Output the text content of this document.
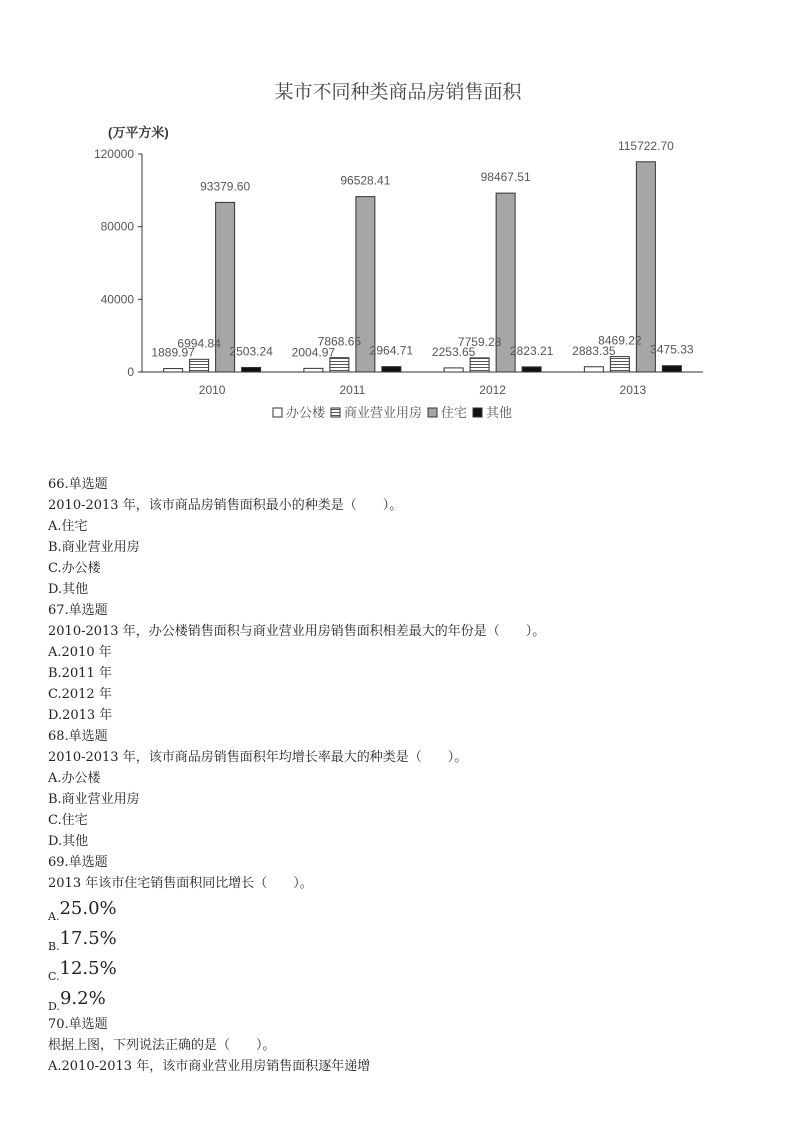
某市不同种类商品房销售面积
(万平方米)
0
40000
80000
120000
1889.97
6994.84
93379.60
2503.24 2004.97
7868.65
96528.41
2964.71 2253.65
7759.28
98467.51
2823.21 2883.35
8469.22
115722.70
3475.33
2010	2011	2012	2013
办公楼 商业营业用房 住宅 其他
66.单选题
2010-2013 年，该市商品房销售面积最小的种类是（　　）。
A.住宅
B.商业营业用房
C.办公楼
D.其他
67.单选题
2010-2013 年，办公楼销售面积与商业营业用房销售面积相差最大的年份是（　　）。
A.2010 年
B.2011 年
C.2012 年
D.2013 年
68.单选题
2010-2013 年，该市商品房销售面积年均增长率最大的种类是（　　）。
A.办公楼
B.商业营业用房
C.住宅
D.其他
69.单选题
2013 年该市住宅销售面积同比增长（　　）。
$_{A.}$25.0%
$_{B.}$17.5%
$_{C.}$12.5%
$_{D.}$9.2%
70.单选题
根据上图，下列说法正确的是（　　）。
A.2010-2013 年，该市商业营业用房销售面积逐年递增
